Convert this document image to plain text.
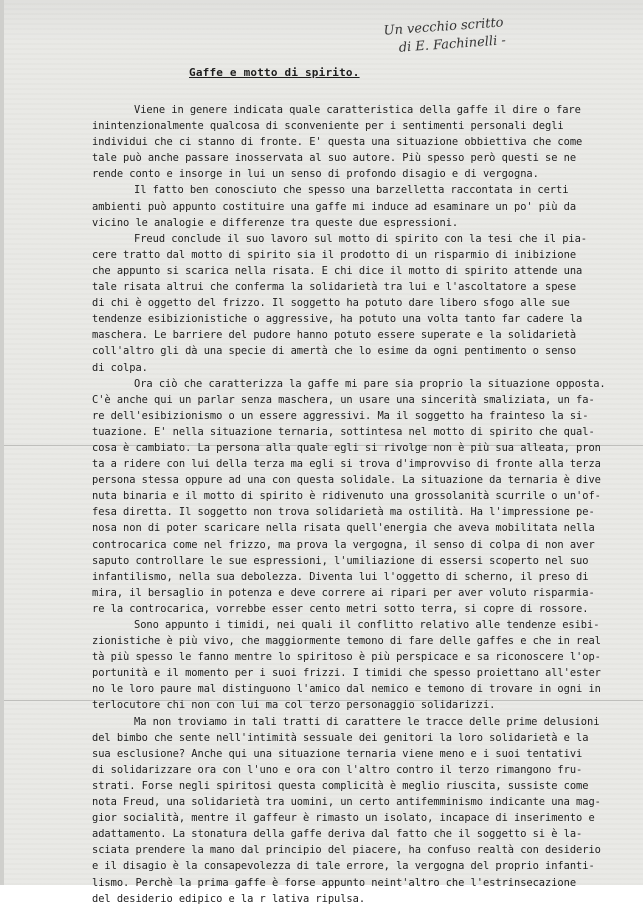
Un vecchio scritto
di E. Fachinelli -
Gaffe e motto di spirito.
Viene in genere indicata quale caratteristica della gaffe il dire o fare
inintenzionalmente qualcosa di sconveniente per i sentimenti personali degli
individui che ci stanno di fronte. E' questa una situazione obbiettiva che come
tale può anche passare inosservata al suo autore. Più spesso però questi se ne
rende conto e insorge in lui un senso di profondo disagio e di vergogna.
Il fatto ben conosciuto che spesso una barzelletta raccontata in certi
ambienti può appunto costituire una gaffe mi induce ad esaminare un po' più da
vicino le analogie e differenze tra queste due espressioni.
Freud conclude il suo lavoro sul motto di spirito con la tesi che il pia-
cere tratto dal motto di spirito sia il prodotto di un risparmio di inibizione
che appunto si scarica nella risata. E chi dice il motto di spirito attende una
tale risata altrui che conferma la solidarietà tra lui e l'ascoltatore a spese
di chi è oggetto del frizzo. Il soggetto ha potuto dare libero sfogo alle sue
tendenze esibizionistiche o aggressive, ha potuto una volta tanto far cadere la
maschera. Le barriere del pudore hanno potuto essere superate e la solidarietà
coll'altro gli dà una specie di amertà che lo esime da ogni pentimento o senso
di colpa.
Ora ciò che caratterizza la gaffe mi pare sia proprio la situazione opposta.
C'è anche qui un parlar senza maschera, un usare una sincerità smaliziata, un fa-
re dell'esibizionismo o un essere aggressivi. Ma il soggetto ha frainteso la si-
tuazione. E' nella situazione ternaria, sottintesa nel motto di spirito che qual-
cosa è cambiato. La persona alla quale egli si rivolge non è più sua alleata, pron
ta a ridere con lui della terza ma egli si trova d'improvviso di fronte alla terza
persona stessa oppure ad una con questa solidale. La situazione da ternaria è dive
nuta binaria e il motto di spirito è ridivenuto una grossolanità scurrile o un'of-
fesa diretta. Il soggetto non trova solidarietà ma ostilità. Ha l'impressione pe-
nosa non di poter scaricare nella risata quell'energia che aveva mobilitata nella
controcarica come nel frizzo, ma prova la vergogna, il senso di colpa di non aver
saputo controllare le sue espressioni, l'umiliazione di essersi scoperto nel suo
infantilismo, nella sua debolezza. Diventa lui l'oggetto di scherno, il preso di
mira, il bersaglio in potenza e deve correre ai ripari per aver voluto risparmia-
re la controcarica, vorrebbe esser cento metri sotto terra, si copre di rossore.
Sono appunto i timidi, nei quali il conflitto relativo alle tendenze esibi-
zionistiche è più vivo, che maggiormente temono di fare delle gaffes e che in real
tà più spesso le fanno mentre lo spiritoso è più perspicace e sa riconoscere l'op-
portunità e il momento per i suoi frizzi. I timidi che spesso proiettano all'ester
no le loro paure mal distinguono l'amico dal nemico e temono di trovare in ogni in
terlocutore chi non con lui ma col terzo personaggio solidarizzi.
Ma non troviamo in tali tratti di carattere le tracce delle prime delusioni
del bimbo che sente nell'intimità sessuale dei genitori la loro solidarietà e la
sua esclusione? Anche qui una situazione ternaria viene meno e i suoi tentativi
di solidarizzare ora con l'uno e ora con l'altro contro il terzo rimangono fru-
strati. Forse negli spiritosi questa complicità è meglio riuscita, sussiste come
nota Freud, una solidarietà tra uomini, un certo antifemminismo indicante una mag-
gior socialità, mentre il gaffeur è rimasto un isolato, incapace di inserimento e
adattamento. La stonatura della gaffe deriva dal fatto che il soggetto si è la-
sciata prendere la mano dal principio del piacere, ha confuso realtà con desiderio
e il disagio è la consapevolezza di tale errore, la vergogna del proprio infanti-
lismo. Perchè la prima gaffe è forse appunto neint'altro che l'estrinsecazione
del desiderio edipico e la r lativa ripulsa.
